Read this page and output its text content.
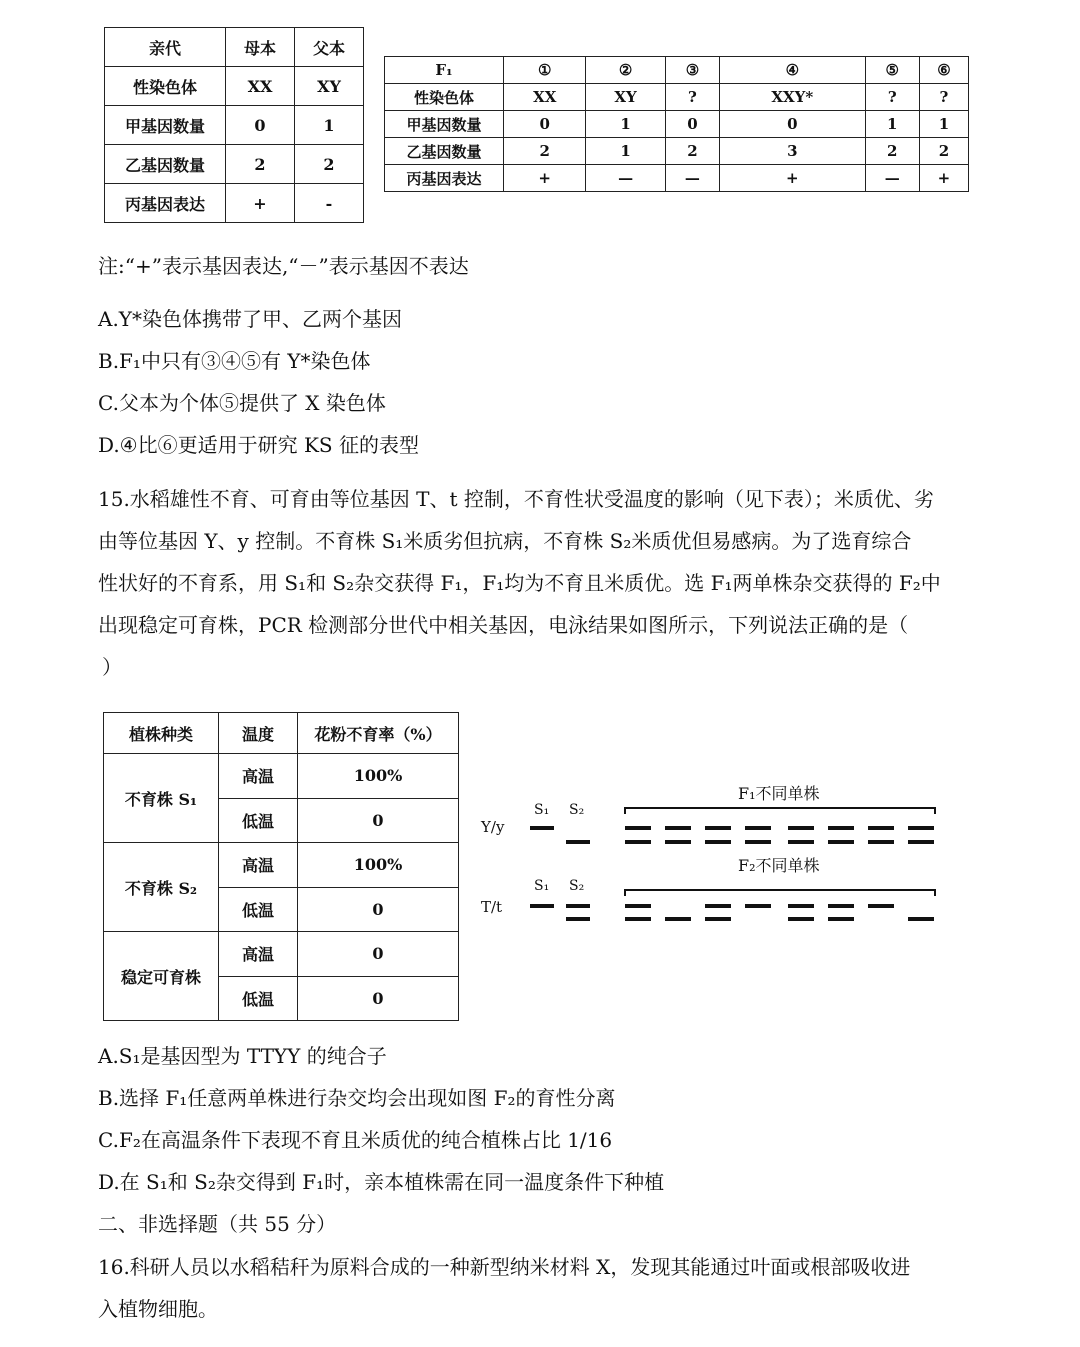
亲代	母本	父本
性染色体	XX	XY
甲基因数量	0	1
乙基因数量	2	2
丙基因表达	+	-
F₁	①	②	③	④	⑤	⑥
性染色体	XX	XY	?	XXY*	?	?
甲基因数量	0	1	0	0	1	1
乙基因数量	2	1	2	3	2	2
丙基因表达	+	—	—	+	—	+
注:“+”表示基因表达,“－”表示基因不表达
A.Y*染色体携带了甲、乙两个基因
B.F₁中只有③④⑤有 Y*染色体
C.父本为个体⑤提供了 X 染色体
D.④比⑥更适用于研究 KS 征的表型
15.水稻雄性不育、可育由等位基因 T、t 控制，不育性状受温度的影响（见下表）；米质优、劣
由等位基因 Y、y 控制。不育株 S₁米质劣但抗病，不育株 S₂米质优但易感病。为了选育综合
性状好的不育系，用 S₁和 S₂杂交获得 F₁，F₁均为不育且米质优。选 F₁两单株杂交获得的 F₂中
出现稳定可育株，PCR 检测部分世代中相关基因，电泳结果如图所示，下列说法正确的是（
）
植株种类	温度	花粉不育率（%）
不育株 S₁	高温	100%
	低温	0
不育株 S₂	高温	100%
	低温	0
稳定可育株	高温	0
	低温	0
Y/y
T/t
S₁ S₂
S₁ S₂
F₁不同单株
F₂不同单株
A.S₁是基因型为 TTYY 的纯合子
B.选择 F₁任意两单株进行杂交均会出现如图 F₂的育性分离
C.F₂在高温条件下表现不育且米质优的纯合植株占比 1/16
D.在 S₁和 S₂杂交得到 F₁时，亲本植株需在同一温度条件下种植
二、非选择题（共 55 分）
16.科研人员以水稻秸秆为原料合成的一种新型纳米材料 X，发现其能通过叶面或根部吸收进
入植物细胞。
